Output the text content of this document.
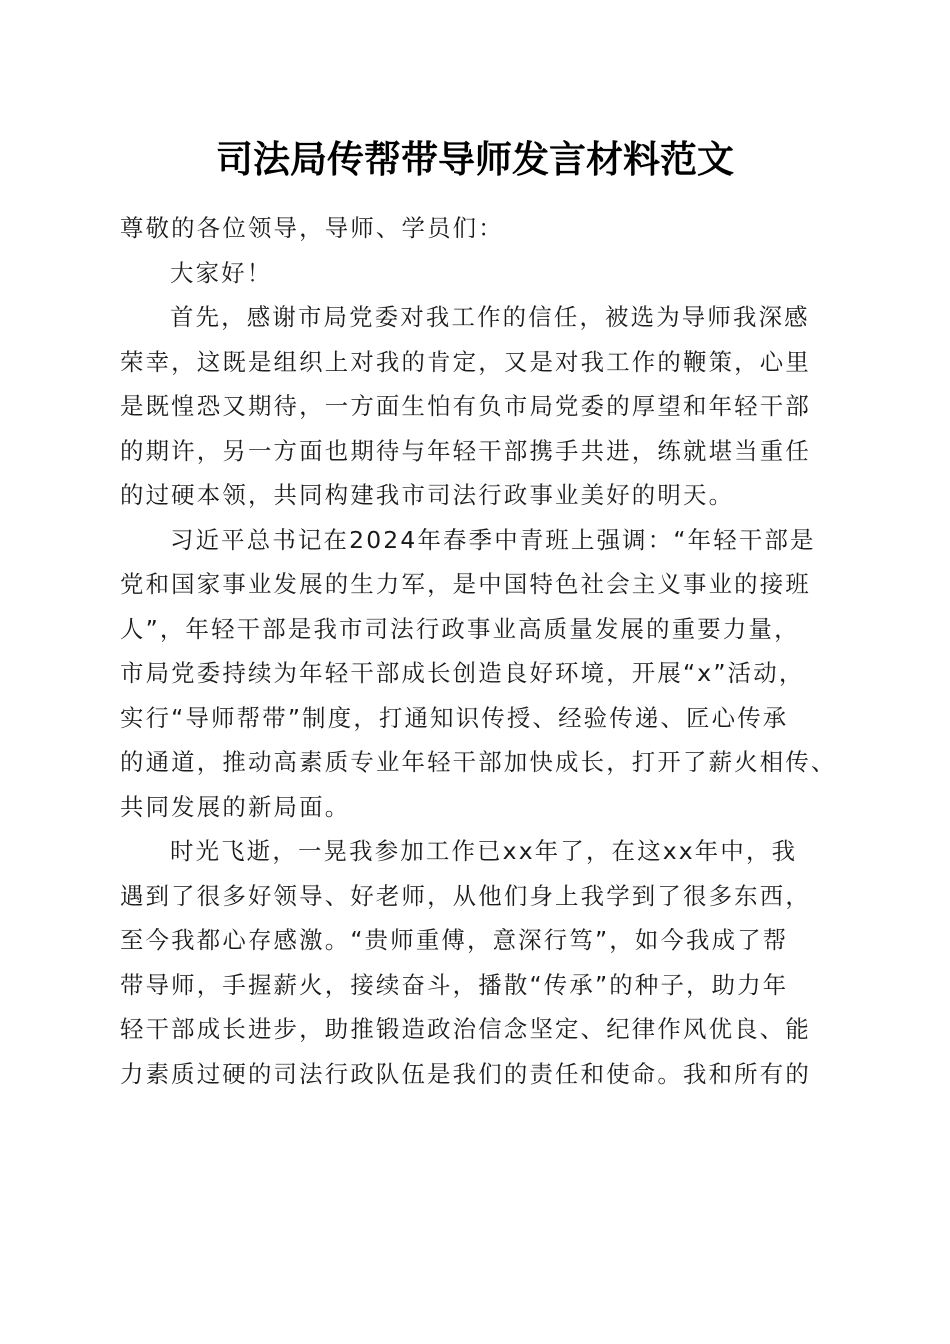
司法局传帮带导师发言材料范文
尊敬的各位领导，导师、学员们：
大家好！
首先，感谢市局党委对我工作的信任，被选为导师我深感
荣幸，这既是组织上对我的肯定，又是对我工作的鞭策，心里
是既惶恐又期待，一方面生怕有负市局党委的厚望和年轻干部
的期许，另一方面也期待与年轻干部携手共进，练就堪当重任
的过硬本领，共同构建我市司法行政事业美好的明天。
习近平总书记在2024年春季中青班上强调：“年轻干部是
党和国家事业发展的生力军，是中国特色社会主义事业的接班
人”，年轻干部是我市司法行政事业高质量发展的重要力量，
市局党委持续为年轻干部成长创造良好环境，开展“x”活动，
实行“导师帮带”制度，打通知识传授、经验传递、匠心传承
的通道，推动高素质专业年轻干部加快成长，打开了薪火相传、
共同发展的新局面。
时光飞逝，一晃我参加工作已xx年了，在这xx年中，我
遇到了很多好领导、好老师，从他们身上我学到了很多东西，
至今我都心存感激。“贵师重傅，意深行笃”，如今我成了帮
带导师，手握薪火，接续奋斗，播散“传承”的种子，助力年
轻干部成长进步，助推锻造政治信念坚定、纪律作风优良、能
力素质过硬的司法行政队伍是我们的责任和使命。我和所有的
